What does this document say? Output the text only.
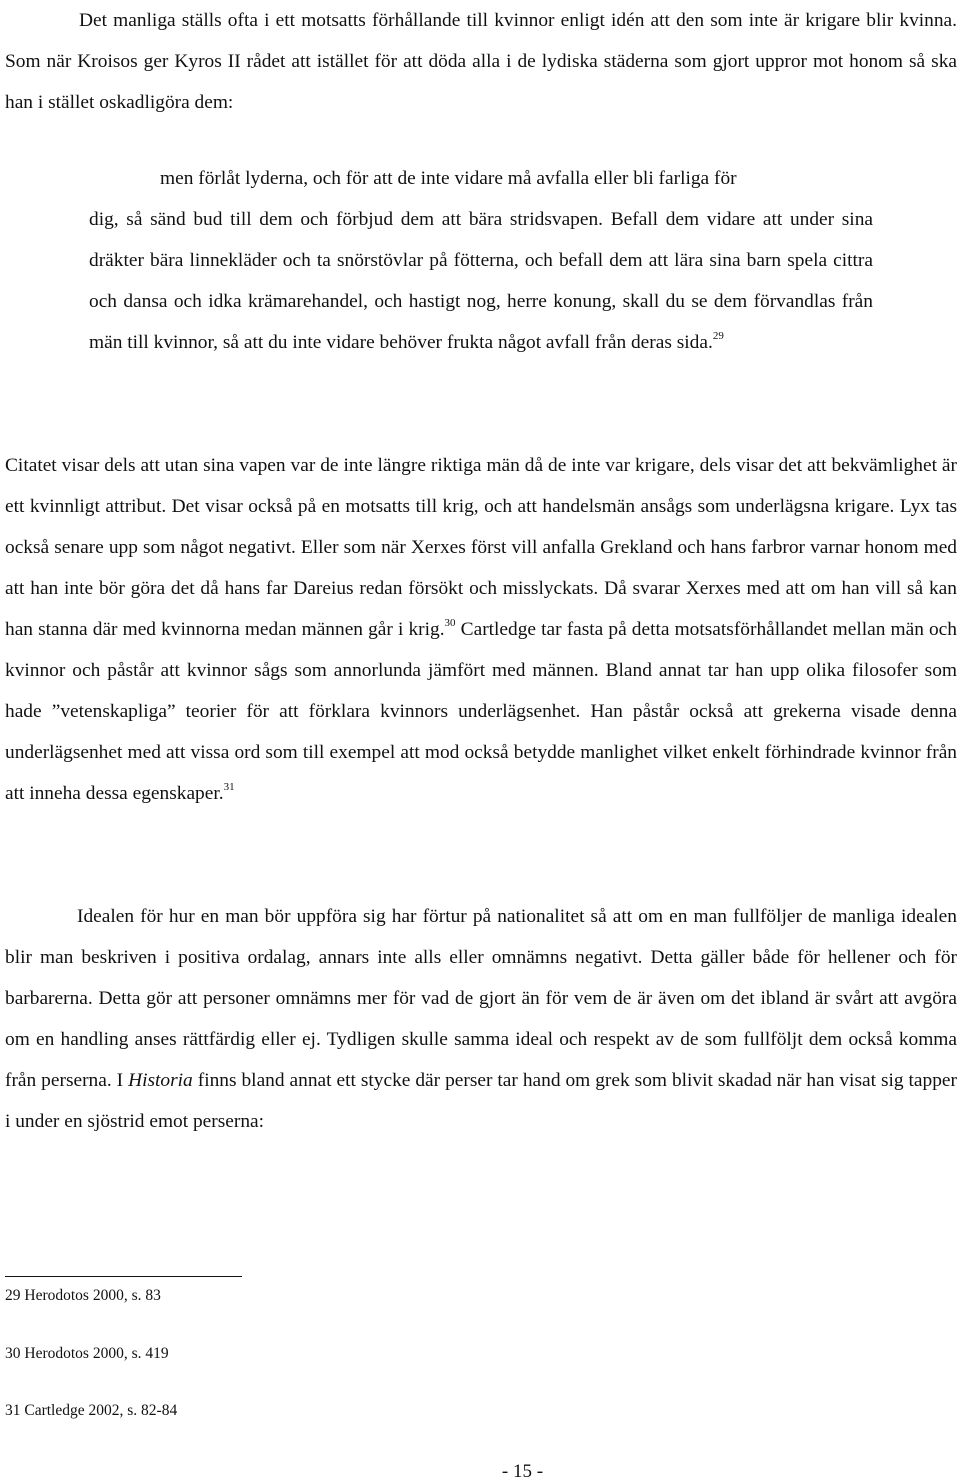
Det manliga ställs ofta i ett motsatts förhållande till kvinnor enligt idén att den som inte är krigare blir kvinna. Som när Kroisos ger Kyros II rådet att istället för att döda alla i de lydiska städerna som gjort uppror mot honom så ska han i stället oskadligöra dem:

men förlåt lyderna, och för att de inte vidare må avfalla eller bli farliga för

dig, så sänd bud till dem och förbjud dem att bära stridsvapen. Befall dem vidare att under sina dräkter bära linnekläder och ta snörstövlar på fötterna, och befall dem att lära sina barn spela cittra och dansa och idka krämarehandel, och hastigt nog, herre konung, skall du se dem förvandlas från män till kvinnor, så att du inte vidare behöver frukta något avfall från deras sida.$^{29}$

Citatet visar dels att utan sina vapen var de inte längre riktiga män då de inte var krigare, dels visar det att bekvämlighet är ett kvinnligt attribut. Det visar också på en motsatts till krig, och att handelsmän ansågs som underlägsna krigare. Lyx tas också senare upp som något negativt. Eller som när Xerxes först vill anfalla Grekland och hans farbror varnar honom med att han inte bör göra det då hans far Dareius redan försökt och misslyckats. Då svarar Xerxes med att om han vill så kan han stanna där med kvinnorna medan männen går i krig.$^{30}$ Cartledge tar fasta på detta motsatsförhållandet mellan män och kvinnor och påstår att kvinnor sågs som annorlunda jämfört med männen. Bland annat tar han upp olika filosofer som hade ”vetenskapliga” teorier för att förklara kvinnors underlägsenhet. Han påstår också att grekerna visade denna underlägsenhet med att vissa ord som till exempel att mod också betydde manlighet vilket enkelt förhindrade kvinnor från att inneha dessa egenskaper.$^{31}$

Idealen för hur en man bör uppföra sig har förtur på nationalitet så att om en man fullföljer de manliga idealen blir man beskriven i positiva ordalag, annars inte alls eller omnämns negativt. Detta gäller både för hellener och för barbarerna. Detta gör att personer omnämns mer för vad de gjort än för vem de är även om det ibland är svårt att avgöra om en handling anses rättfärdig eller ej. Tydligen skulle samma ideal och respekt av de som fullföljt dem också komma från perserna. I Historia finns bland annat ett stycke där perser tar hand om grek som blivit skadad när han visat sig tapper i under en sjöstrid emot perserna:

29 Herodotos 2000, s. 83

30 Herodotos 2000, s. 419

31 Cartledge 2002, s. 82-84

- 15 -
